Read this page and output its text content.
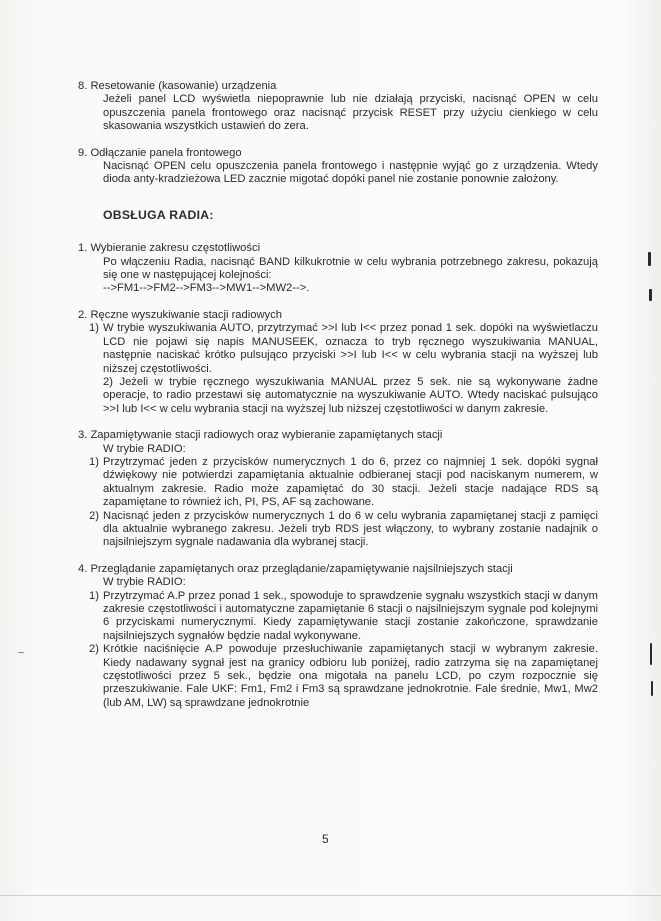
8. Resetowanie (kasowanie) urządzenia
Jeżeli panel LCD wyświetla niepoprawnie lub nie działają przyciski, nacisnąć OPEN w celu opuszczenia panela frontowego oraz nacisnąć przycisk RESET przy użyciu cienkiego w celu skasowania wszystkich ustawień do zera.
9. Odłączanie panela frontowego
Nacisnąć OPEN celu opuszczenia panela frontowego i następnie wyjąć go z urządzenia. Wtedy dioda anty-kradzieżowa LED zacznie migotać dopóki panel nie zostanie ponownie założony.
OBSŁUGA RADIA:
1. Wybieranie zakresu częstotliwości
Po włączeniu Radia, nacisnąć BAND kilkukrotnie w celu wybrania potrzebnego zakresu, pokazują się one w następującej kolejności:
-->FM1-->FM2-->FM3-->MW1-->MW2-->.
2. Ręczne wyszukiwanie stacji radiowych
1) W trybie wyszukiwania AUTO, przytrzymać >>I lub I<< przez ponad 1 sek. dopóki na wyświetlaczu LCD nie pojawi się napis MANUSEEK, oznacza to tryb ręcznego wyszukiwania MANUAL, następnie naciskać krótko pulsująco przyciski >>I lub I<< w celu wybrania stacji na wyższej lub niższej częstotliwości.
2) Jeżeli w trybie ręcznego wyszukiwania MANUAL przez 5 sek. nie są wykonywane żadne operacje, to radio przestawi się automatycznie na wyszukiwanie AUTO. Wtedy naciskać pulsująco >>I lub I<< w celu wybrania stacji na wyższej lub niższej częstotliwości w danym zakresie.
3. Zapamiętywanie stacji radiowych oraz wybieranie zapamiętanych stacji
W trybie RADIO:
1) Przytrzymać jeden z przycisków numerycznych 1 do 6, przez co najmniej 1 sek. dopóki sygnał dźwiękowy nie potwierdzi zapamiętania aktualnie odbieranej stacji pod naciskanym numerem, w aktualnym zakresie. Radio może zapamiętać do 30 stacji. Jeżeli stacje nadające RDS są zapamiętane to również ich, PI, PS, AF są zachowane.
2) Nacisnąć jeden z przycisków numerycznych 1 do 6 w celu wybrania zapamiętanej stacji z pamięci dla aktualnie wybranego zakresu. Jeżeli tryb RDS jest włączony, to wybrany zostanie nadajnik o najsilniejszym sygnale nadawania dla wybranej stacji.
4. Przeglądanie zapamiętanych oraz przeglądanie/zapamiętywanie najsilniejszych stacji
W trybie RADIO:
1) Przytrzymać A.P przez ponad 1 sek., spowoduje to sprawdzenie sygnału wszystkich stacji w danym zakresie częstotliwości i automatyczne zapamiętanie 6 stacji o najsilniejszym sygnale pod kolejnymi 6 przyciskami numerycznymi. Kiedy zapamiętywanie stacji zostanie zakończone, sprawdzanie najsilniejszych sygnałów będzie nadal wykonywane.
2) Krótkie naciśnięcie A.P powoduje przesłuchiwanie zapamiętanych stacji w wybranym zakresie. Kiedy nadawany sygnał jest na granicy odbioru lub poniżej, radio zatrzyma się na zapamiętanej częstotliwości przez 5 sek., będzie ona migotała na panelu LCD, po czym rozpocznie się przeszukiwanie. Fale UKF: Fm1, Fm2 i Fm3 są sprawdzane jednokrotnie. Fale średnie, Mw1, Mw2 (lub AM, LW) są sprawdzane jednokrotnie
5
